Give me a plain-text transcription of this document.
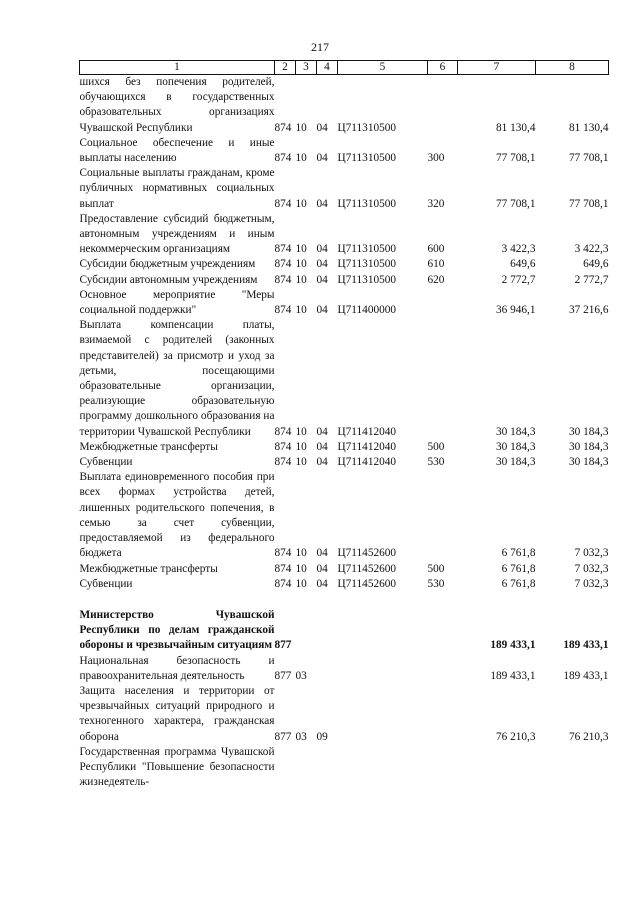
217
1	2	3	4	5	6	7	8
шихся без попечения родителей, обучающихся в государственных образовательных организациях Чувашской Республики	874	10	04	Ц711310500		81 130,4	81 130,4
Социальное обеспечение и иные выплаты населению	874	10	04	Ц711310500	300	77 708,1	77 708,1
Социальные выплаты гражданам, кроме публичных нормативных социальных выплат	874	10	04	Ц711310500	320	77 708,1	77 708,1
Предоставление субсидий бюджетным, автономным учреждениям и иным некоммерческим организациям	874	10	04	Ц711310500	600	3 422,3	3 422,3
Субсидии бюджетным учреждениям	874	10	04	Ц711310500	610	649,6	649,6
Субсидии автономным учреждениям	874	10	04	Ц711310500	620	2 772,7	2 772,7
Основное мероприятие "Меры социальной поддержки"	874	10	04	Ц711400000		36 946,1	37 216,6
Выплата компенсации платы, взимаемой с родителей (законных представителей) за присмотр и уход за детьми, посещающими образовательные организации, реализующие образовательную программу дошкольного образования на территории Чувашской Республики	874	10	04	Ц711412040		30 184,3	30 184,3
Межбюджетные трансферты	874	10	04	Ц711412040	500	30 184,3	30 184,3
Субвенции	874	10	04	Ц711412040	530	30 184,3	30 184,3
Выплата единовременного пособия при всех формах устройства детей, лишенных родительского попечения, в семью за счет субвенции, предоставляемой из федерального бюджета	874	10	04	Ц711452600		6 761,8	7 032,3
Межбюджетные трансферты	874	10	04	Ц711452600	500	6 761,8	7 032,3
Субвенции	874	10	04	Ц711452600	530	6 761,8	7 032,3

Министерство Чувашской Республики по делам гражданской обороны и чрезвычайным ситуациям	877					189 433,1	189 433,1
Национальная безопасность и правоохранительная деятельность	877	03				189 433,1	189 433,1
Защита населения и территории от чрезвычайных ситуаций природного и техногенного характера, гражданская оборона	877	03	09			76 210,3	76 210,3
Государственная программа Чувашской Республики "Повышение безопасности жизнедеятель-							
